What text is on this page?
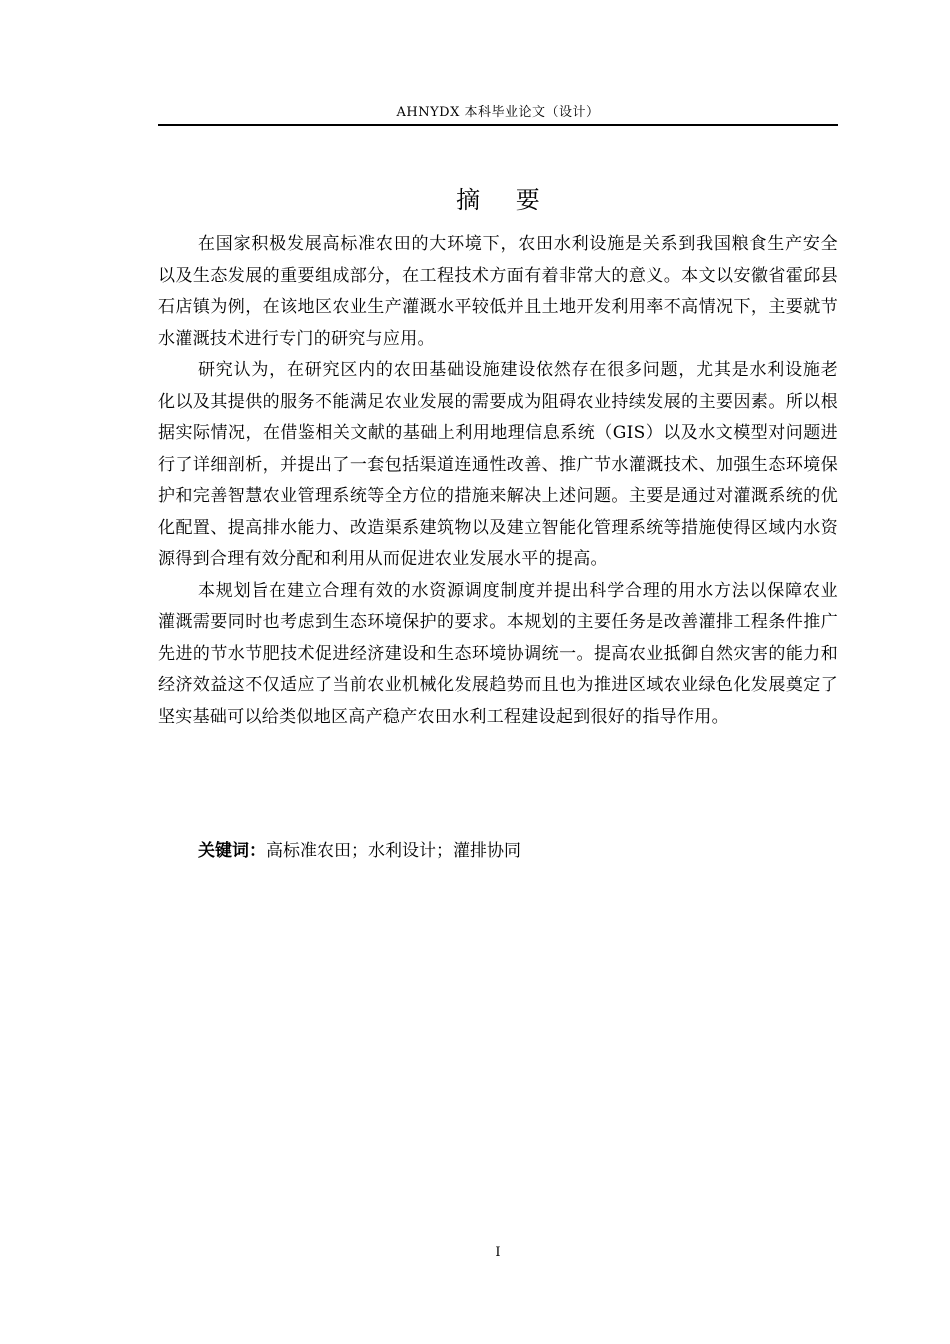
AHNYDX 本科毕业论文（设计）
摘 要

在国家积极发展高标准农田的大环境下，农田水利设施是关系到我国粮食生产安全以及生态发展的重要组成部分，在工程技术方面有着非常大的意义。本文以安徽省霍邱县石店镇为例，在该地区农业生产灌溉水平较低并且土地开发利用率不高情况下，主要就节水灌溉技术进行专门的研究与应用。

研究认为，在研究区内的农田基础设施建设依然存在很多问题，尤其是水利设施老化以及其提供的服务不能满足农业发展的需要成为阻碍农业持续发展的主要因素。所以根据实际情况，在借鉴相关文献的基础上利用地理信息系统（GIS）以及水文模型对问题进行了详细剖析，并提出了一套包括渠道连通性改善、推广节水灌溉技术、加强生态环境保护和完善智慧农业管理系统等全方位的措施来解决上述问题。主要是通过对灌溉系统的优化配置、提高排水能力、改造渠系建筑物以及建立智能化管理系统等措施使得区域内水资源得到合理有效分配和利用从而促进农业发展水平的提高。

本规划旨在建立合理有效的水资源调度制度并提出科学合理的用水方法以保障农业灌溉需要同时也考虑到生态环境保护的要求。本规划的主要任务是改善灌排工程条件推广先进的节水节肥技术促进经济建设和生态环境协调统一。提高农业抵御自然灾害的能力和经济效益这不仅适应了当前农业机械化发展趋势而且也为推进区域农业绿色化发展奠定了坚实基础可以给类似地区高产稳产农田水利工程建设起到很好的指导作用。

关键词：高标准农田；水利设计；灌排协同
I
